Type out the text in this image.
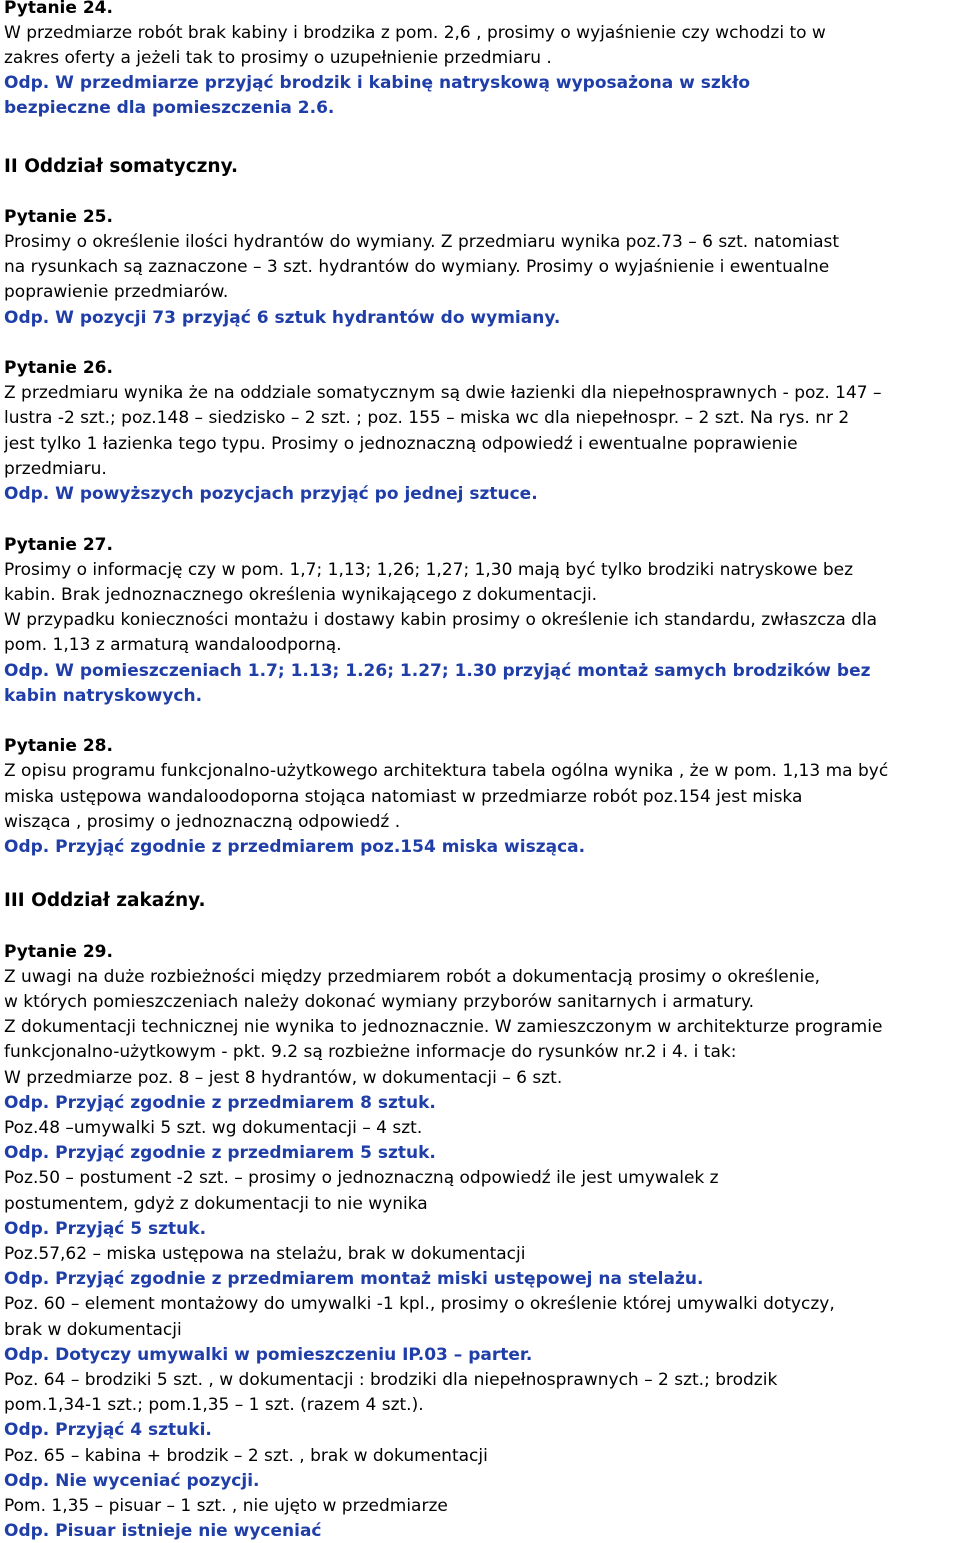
Pytanie 24.
W przedmiarze robót brak kabiny i brodzika z pom. 2,6 , prosimy o wyjaśnienie czy wchodzi to w
zakres oferty a jeżeli tak to prosimy o uzupełnienie przedmiaru .
Odp. W przedmiarze przyjąć brodzik i kabinę natryskową wyposażona w szkło
bezpieczne dla pomieszczenia 2.6.
II Oddział somatyczny.
Pytanie 25.
Prosimy o określenie ilości hydrantów do wymiany. Z przedmiaru wynika poz.73 – 6 szt. natomiast
na rysunkach są zaznaczone – 3 szt. hydrantów do wymiany. Prosimy o wyjaśnienie i ewentualne
poprawienie przedmiarów.
Odp. W pozycji 73 przyjąć 6 sztuk hydrantów do wymiany.
Pytanie 26.
Z przedmiaru wynika że na oddziale somatycznym są dwie łazienki dla niepełnosprawnych - poz. 147 –
lustra -2 szt.; poz.148 – siedzisko – 2 szt. ; poz. 155 – miska wc dla niepełnospr. – 2 szt. Na rys. nr 2
jest tylko 1 łazienka tego typu. Prosimy o jednoznaczną odpowiedź i ewentualne poprawienie
przedmiaru.
Odp. W powyższych pozycjach przyjąć po jednej sztuce.
Pytanie 27.
Prosimy o informację czy w pom. 1,7; 1,13; 1,26; 1,27; 1,30 mają być tylko brodziki natryskowe bez
kabin. Brak jednoznacznego określenia wynikającego z dokumentacji.
W przypadku konieczności montażu i dostawy kabin prosimy o określenie ich standardu, zwłaszcza dla
pom. 1,13 z armaturą wandaloodporną.
Odp. W pomieszczeniach 1.7; 1.13; 1.26; 1.27; 1.30 przyjąć montaż samych brodzików bez
kabin natryskowych.
Pytanie 28.
Z opisu programu funkcjonalno-użytkowego architektura tabela ogólna wynika , że w pom. 1,13 ma być
miska ustępowa wandaloodoporna stojąca natomiast w przedmiarze robót poz.154 jest miska
wisząca , prosimy o jednoznaczną odpowiedź .
Odp. Przyjąć zgodnie z przedmiarem poz.154 miska wisząca.
III Oddział zakaźny.
Pytanie 29.
Z uwagi na duże rozbieżności między przedmiarem robót a dokumentacją prosimy o określenie,
w których pomieszczeniach należy dokonać wymiany przyborów sanitarnych i armatury.
Z dokumentacji technicznej nie wynika to jednoznacznie. W zamieszczonym w architekturze programie
funkcjonalno-użytkowym - pkt. 9.2 są rozbieżne informacje do rysunków nr.2 i 4. i tak:
W przedmiarze poz. 8 – jest 8 hydrantów, w dokumentacji – 6 szt.
Odp. Przyjąć zgodnie z przedmiarem 8 sztuk.
Poz.48 –umywalki 5 szt. wg dokumentacji – 4 szt.
Odp. Przyjąć zgodnie z przedmiarem 5 sztuk.
Poz.50 – postument -2 szt. – prosimy o jednoznaczną odpowiedź ile jest umywalek z
postumentem, gdyż z dokumentacji to nie wynika
Odp. Przyjąć 5 sztuk.
Poz.57,62 – miska ustępowa na stelażu, brak w dokumentacji
Odp. Przyjąć zgodnie z przedmiarem montaż miski ustępowej na stelażu.
Poz. 60 – element montażowy do umywalki -1 kpl., prosimy o określenie której umywalki dotyczy,
brak w dokumentacji
Odp. Dotyczy umywalki w pomieszczeniu IP.03 – parter.
Poz. 64 – brodziki 5 szt. , w dokumentacji : brodziki dla niepełnosprawnych – 2 szt.; brodzik
pom.1,34-1 szt.; pom.1,35 – 1 szt. (razem 4 szt.).
Odp. Przyjąć 4 sztuki.
Poz. 65 – kabina + brodzik – 2 szt. , brak w dokumentacji
Odp. Nie wyceniać pozycji.
Pom. 1,35 – pisuar – 1 szt. , nie ujęto w przedmiarze
Odp. Pisuar istnieje nie wyceniać
